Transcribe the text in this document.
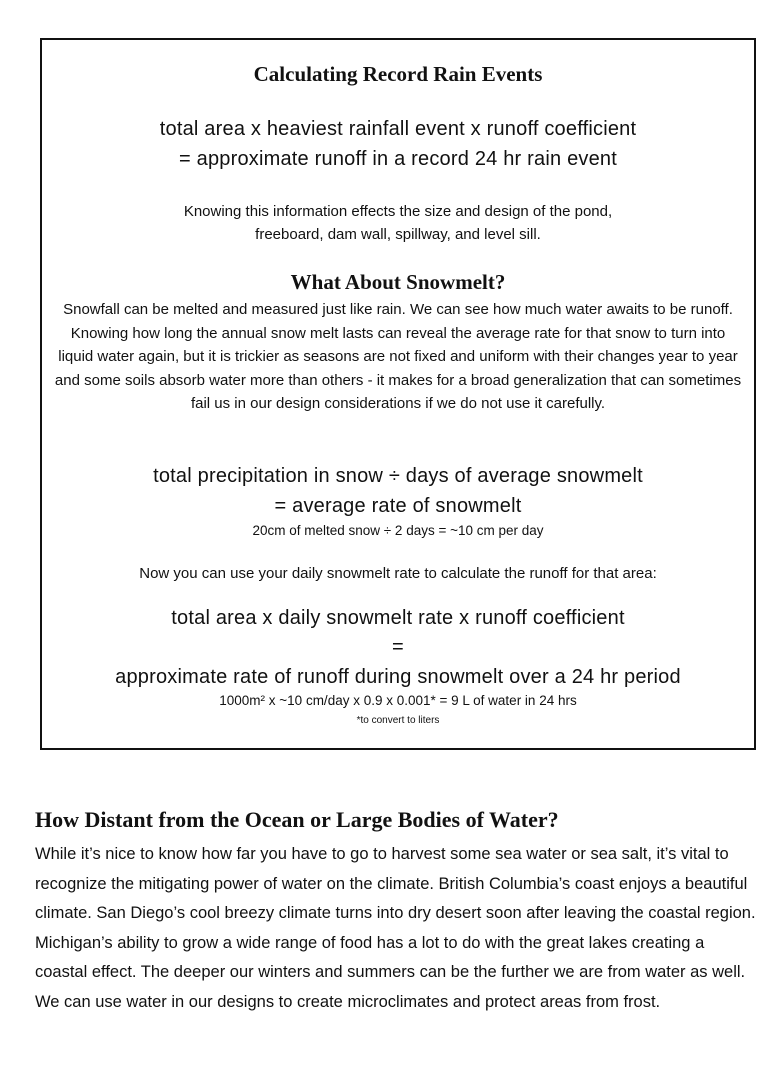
Calculating Record Rain Events

total area x heaviest rainfall event x runoff coefficient

= approximate runoff in a record 24 hr rain event

Knowing this information effects the size and design of the pond,

freeboard, dam wall, spillway, and level sill.

What About Snowmelt?

Snowfall can be melted and measured just like rain. We can see how much water awaits to be runoff. Knowing how long the annual snow melt lasts can reveal the average rate for that snow to turn into liquid water again, but it is trickier as seasons are not fixed and uniform with their changes year to year and some soils absorb water more than others - it makes for a broad generalization that can sometimes fail us in our design considerations if we do not use it carefully.

total precipitation in snow ÷ days of average snowmelt

= average rate of snowmelt

20cm of melted snow ÷ 2 days = ~10 cm per day

Now you can use your daily snowmelt rate to calculate the runoff for that area:

total area x daily snowmelt rate x runoff coefficient

=

approximate rate of runoff during snowmelt over a 24 hr period

1000m² x ~10 cm/day x 0.9 x 0.001* = 9 L of water in 24 hrs

*to convert to liters

How Distant from the Ocean or Large Bodies of Water?

While it’s nice to know how far you have to go to harvest some sea water or sea salt, it’s vital to recognize the mitigating power of water on the climate. British Columbia’s coast enjoys a beautiful climate. San Diego’s cool breezy climate turns into dry desert soon after leaving the coastal region. Michigan’s ability to grow a wide range of food has a lot to do with the great lakes creating a coastal effect. The deeper our winters and summers can be the further we are from water as well. We can use water in our designs to create microclimates and protect areas from frost.
